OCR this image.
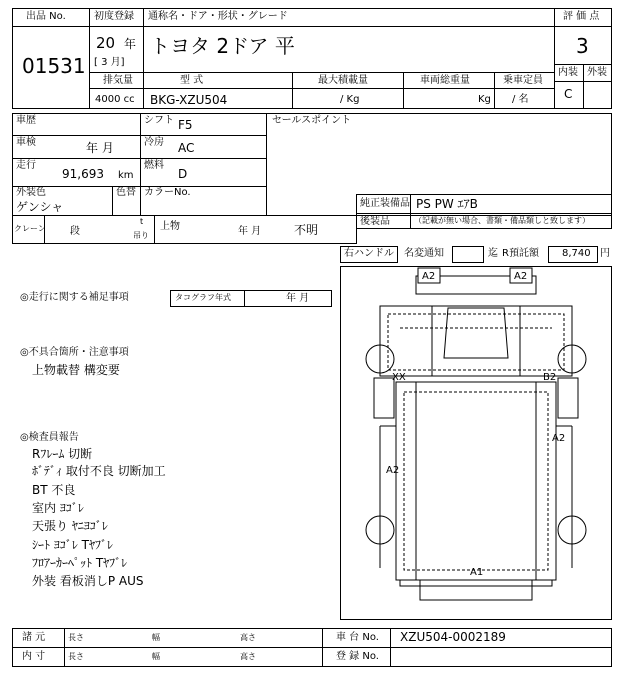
出品 No.
01531
初度登録 通称名・ドア・形状・グレード
20 年
[ 3 月]
トヨタ 2ドア 平
評 価 点
3
内装 外装
C
排気量
4000 cc
型 式
BKG-XZU504
最大積載量
/ Kg
車両総重量
Kg
乗車定員
/ 名
車歴	シフト F5
車検	年 月	冷房 AC
走行
91,693 km
燃料
D
外装色
ゲンシャ
色替 カラーNo.
セールスポイント
純正装備品 PS PW ｴｱB
後装品	（記載が無い場合、書類・備品類しと致します）
クレーン 段
t
吊り
上物	年 月	不明
右ハンドル 名変通知	迄 R預託額 8,740 円
◎走行に関する補足事項	タコグラフ年式	年 月
◎不具合箇所・注意事項
上物載替 構変要
◎検査員報告
Rﾌﾚｰﾑ 切断
ﾎﾞﾃﾞｨ 取付不良 切断加工
BT 不良
室内 ﾖｺﾞﾚ
天張り ﾔﾆﾖｺﾞﾚ
ｼｰﾄ ﾖｺﾞﾚ Tﾔﾌﾞﾚ
ﾌﾛｱｰｶｰﾍﾟｯﾄ Tﾔﾌﾞﾚ
外装 看板消しP AUS
A2	A2
XX	B2
A2
A2
A1
諸 元
内 寸
長さ	幅	高さ
長さ	幅	高さ
車 台 No. XZU504-0002189
登 録 No.
